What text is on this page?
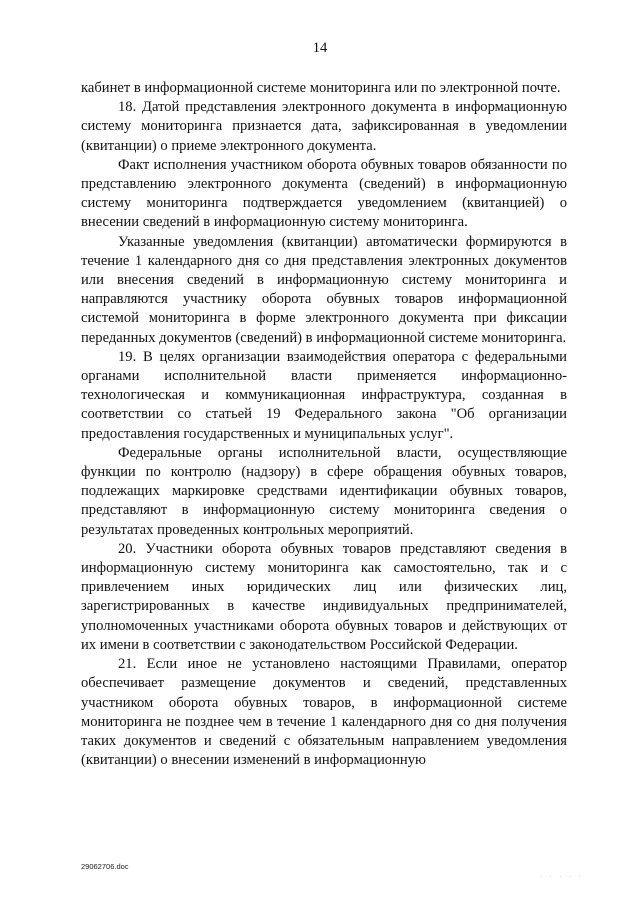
14

кабинет в информационной системе мониторинга или по электронной почте.

18. Датой представления электронного документа в информационную систему мониторинга признается дата, зафиксированная в уведомлении (квитанции) о приеме электронного документа.

Факт исполнения участником оборота обувных товаров обязанности по представлению электронного документа (сведений) в информационную систему мониторинга подтверждается уведомлением (квитанцией) о внесении сведений в информационную систему мониторинга.

Указанные уведомления (квитанции) автоматически формируются в течение 1 календарного дня со дня представления электронных документов или внесения сведений в информационную систему мониторинга и направляются участнику оборота обувных товаров информационной системой мониторинга в форме электронного документа при фиксации переданных документов (сведений) в информационной системе мониторинга.

19. В целях организации взаимодействия оператора с федеральными органами исполнительной власти применяется информационно-технологическая и коммуникационная инфраструктура, созданная в соответствии со статьей 19 Федерального закона "Об организации предоставления государственных и муниципальных услуг".

Федеральные органы исполнительной власти, осуществляющие функции по контролю (надзору) в сфере обращения обувных товаров, подлежащих маркировке средствами идентификации обувных товаров, представляют в информационную систему мониторинга сведения о результатах проведенных контрольных мероприятий.

20. Участники оборота обувных товаров представляют сведения в информационную систему мониторинга как самостоятельно, так и с привлечением иных юридических лиц или физических лиц, зарегистрированных в качестве индивидуальных предпринимателей, уполномоченных участниками оборота обувных товаров и действующих от их имени в соответствии с законодательством Российской Федерации.

21. Если иное не установлено настоящими Правилами, оператор обеспечивает размещение документов и сведений, представленных участником оборота обувных товаров, в информационной системе мониторинга не позднее чем в течение 1 календарного дня со дня получения таких документов и сведений с обязательным направлением уведомления (квитанции) о внесении изменений в информационную

29062706.doc
· · · · ·
